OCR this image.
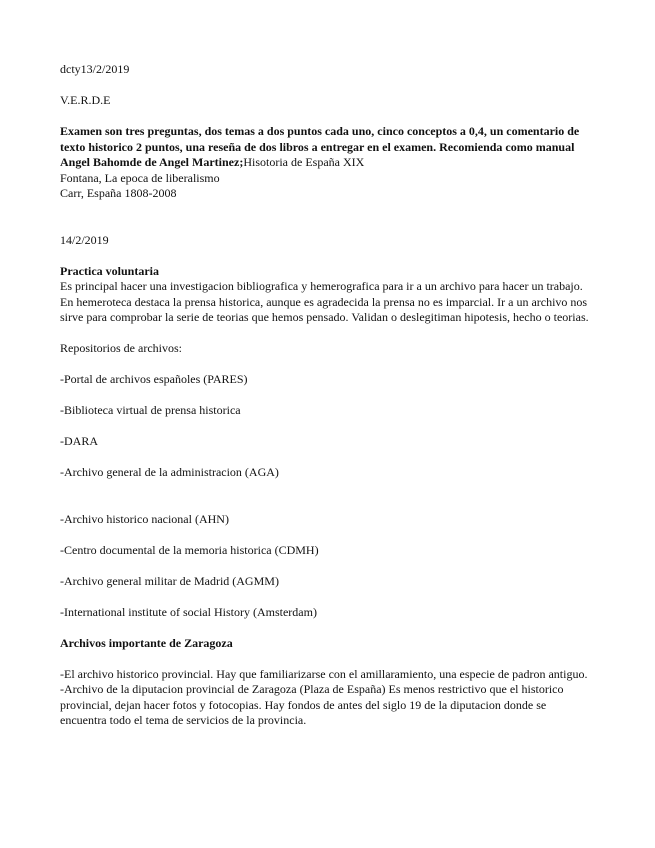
dcty13/2/2019

V.E.R.D.E

Examen son tres preguntas, dos temas a dos puntos cada uno, cinco conceptos a 0,4, un comentario de texto historico 2 puntos, una reseña de dos libros a entregar en el examen. Recomienda como manual Angel Bahomde de Angel Martinez;Hisotoria de España XIX

Fontana, La epoca de liberalismo

Carr, España 1808-2008

14/2/2019

Practica voluntaria

Es principal hacer una investigacion bibliografica y hemerografica para ir a un archivo para hacer un trabajo. En hemeroteca destaca la prensa historica, aunque es agradecida la prensa no es imparcial. Ir a un archivo nos sirve para comprobar la serie de teorias que hemos pensado. Validan o deslegitiman hipotesis, hecho o teorias.

Repositorios de archivos:

-Portal de archivos españoles (PARES)

-Biblioteca virtual de prensa historica

-DARA

-Archivo general de la administracion (AGA)

-Archivo historico nacional (AHN)

-Centro documental de la memoria historica (CDMH)

-Archivo general militar de Madrid (AGMM)

-International institute of social History (Amsterdam)

Archivos importante de Zaragoza

-El archivo historico provincial. Hay que familiarizarse con el amillaramiento, una especie de padron antiguo.

-Archivo de la diputacion provincial de Zaragoza (Plaza de España) Es menos restrictivo que el historico provincial, dejan hacer fotos y fotocopias. Hay fondos de antes del siglo 19 de la diputacion donde se encuentra todo el tema de servicios de la provincia.
